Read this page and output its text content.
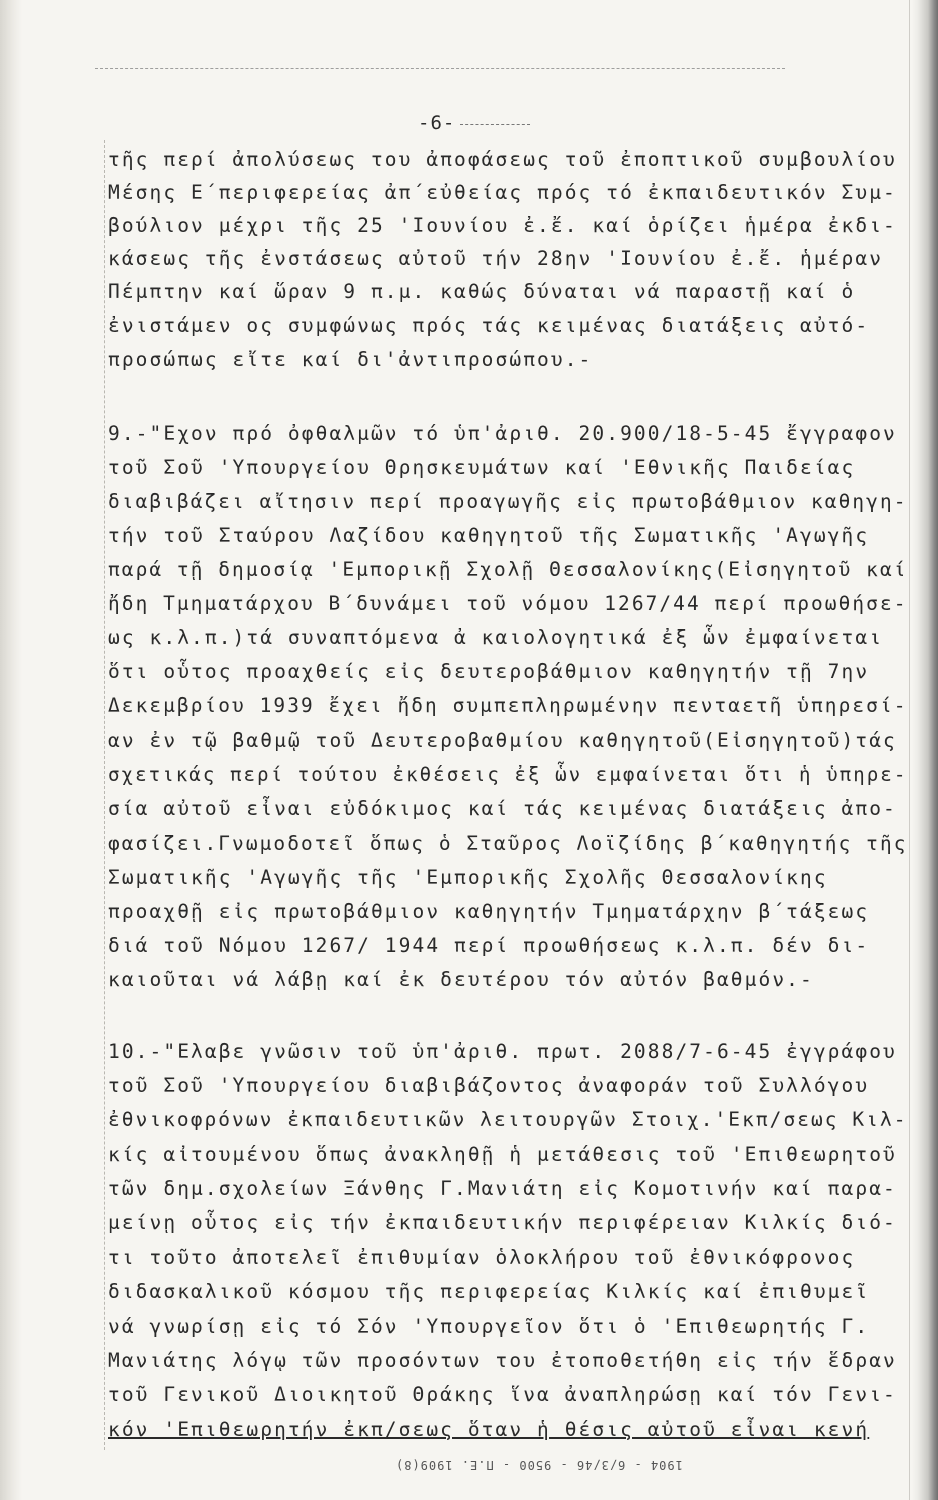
-6-
τῆς περί ἀπολύσεως του ἀποφάσεως τοῦ ἐποπτικοῦ συμβουλίου
Μέσης Ε΄περιφερείας ἀπ΄εὐθείας πρός τό ἐκπαιδευτικόν Συμ-
βούλιον μέχρι τῆς 25 'Ιουνίου ἐ.ἔ. καί ὁρίζει ἡμέρα ἐκδι-
κάσεως τῆς ἐνστάσεως αὐτοῦ τήν 28ην 'Ιουνίου ἐ.ἔ. ἡμέραν
Πέμπτην καί ὥραν 9 π.μ. καθώς δύναται νά παραστῇ καί ὁ
ἐνιστάμεν ος συμφώνως πρός τάς κειμένας διατάξεις αὐτό-
προσώπως εἴτε καί δι'ἀντιπροσώπου.-
9.-"Εχον πρό ὀφθαλμῶν τό ὑπ'ἀριθ. 20.900/18-5-45 ἔγγραφον
τοῦ Σοῦ 'Υπουργείου Θρησκευμάτων καί 'Εθνικῆς Παιδείας
διαβιβάζει αἴτησιν περί προαγωγῆς εἰς πρωτοβάθμιον καθηγη-
τήν τοῦ Σταύρου Λαζίδου καθηγητοῦ τῆς Σωματικῆς 'Αγωγῆς
παρά τῇ δημοσίᾳ 'Εμπορικῇ Σχολῇ Θεσσαλονίκης(Εἰσηγητοῦ καί
ἤδη Τμηματάρχου Β΄δυνάμει τοῦ νόμου 1267/44 περί προωθήσε-
ως κ.λ.π.)τά συναπτόμενα ἀ καιολογητικά ἐξ ὧν ἐμφαίνεται
ὅτι οὗτος προαχθείς εἰς δευτεροβάθμιον καθηγητήν τῇ 7ην
Δεκεμβρίου 1939 ἔχει ἤδη συμπεπληρωμένην πενταετῆ ὑπηρεσί-
αν ἐν τῷ βαθμῷ τοῦ Δευτεροβαθμίου καθηγητοῦ(Εἰσηγητοῦ)τάς
σχετικάς περί τούτου ἐκθέσεις ἐξ ὧν εμφαίνεται ὅτι ἡ ὑπηρε-
σία αὐτοῦ εἶναι εὐδόκιμος καί τάς κειμένας διατάξεις ἀπο-
φασίζει.Γνωμοδοτεῖ ὅπως ὁ Σταῦρος Λοϊζίδης β΄καθηγητής τῆς
Σωματικῆς 'Αγωγῆς τῆς 'Εμπορικῆς Σχολῆς Θεσσαλονίκης
προαχθῇ εἰς πρωτοβάθμιον καθηγητήν Τμηματάρχην β΄τάξεως
διά τοῦ Νόμου 1267/ 1944 περί προωθήσεως κ.λ.π. δέν δι-
καιοῦται νά λάβῃ καί ἐκ δευτέρου τόν αὐτόν βαθμόν.-
10.-"Ελαβε γνῶσιν τοῦ ὑπ'ἀριθ. πρωτ. 2088/7-6-45 ἐγγράφου
τοῦ Σοῦ 'Υπουργείου διαβιβάζοντος ἀναφοράν τοῦ Συλλόγου
ἐθνικοφρόνων ἐκπαιδευτικῶν λειτουργῶν Στοιχ.'Εκπ/σεως Κιλ-
κίς αἰτουμένου ὅπως ἀνακληθῇ ἡ μετάθεσις τοῦ 'Επιθεωρητοῦ
τῶν δημ.σχολείων Ξάνθης Γ.Μανιάτη εἰς Κομοτινήν καί παρα-
μείνῃ οὗτος εἰς τήν ἐκπαιδευτικήν περιφέρειαν Κιλκίς διό-
τι τοῦτο ἀποτελεῖ ἐπιθυμίαν ὁλοκλήρου τοῦ ἐθνικόφρονος
διδασκαλικοῦ κόσμου τῆς περιφερείας Κιλκίς καί ἐπιθυμεῖ
νά γνωρίσῃ εἰς τό Σόν 'Υπουργεῖον ὅτι ὁ 'Επιθεωρητής Γ.
Μανιάτης λόγῳ τῶν προσόντων του ἐτοποθετήθη εἰς τήν ἕδραν
τοῦ Γενικοῦ Διοικητοῦ Θράκης ἵνα ἀναπληρώσῃ καί τόν Γενι-
κόν 'Επιθεωρητήν ἐκπ/σεως ὅταν ἡ θέσις αὐτοῦ εἶναι κενή
1904 - 6/3/46 - 9500 - Π.Ε. 1909(8)
